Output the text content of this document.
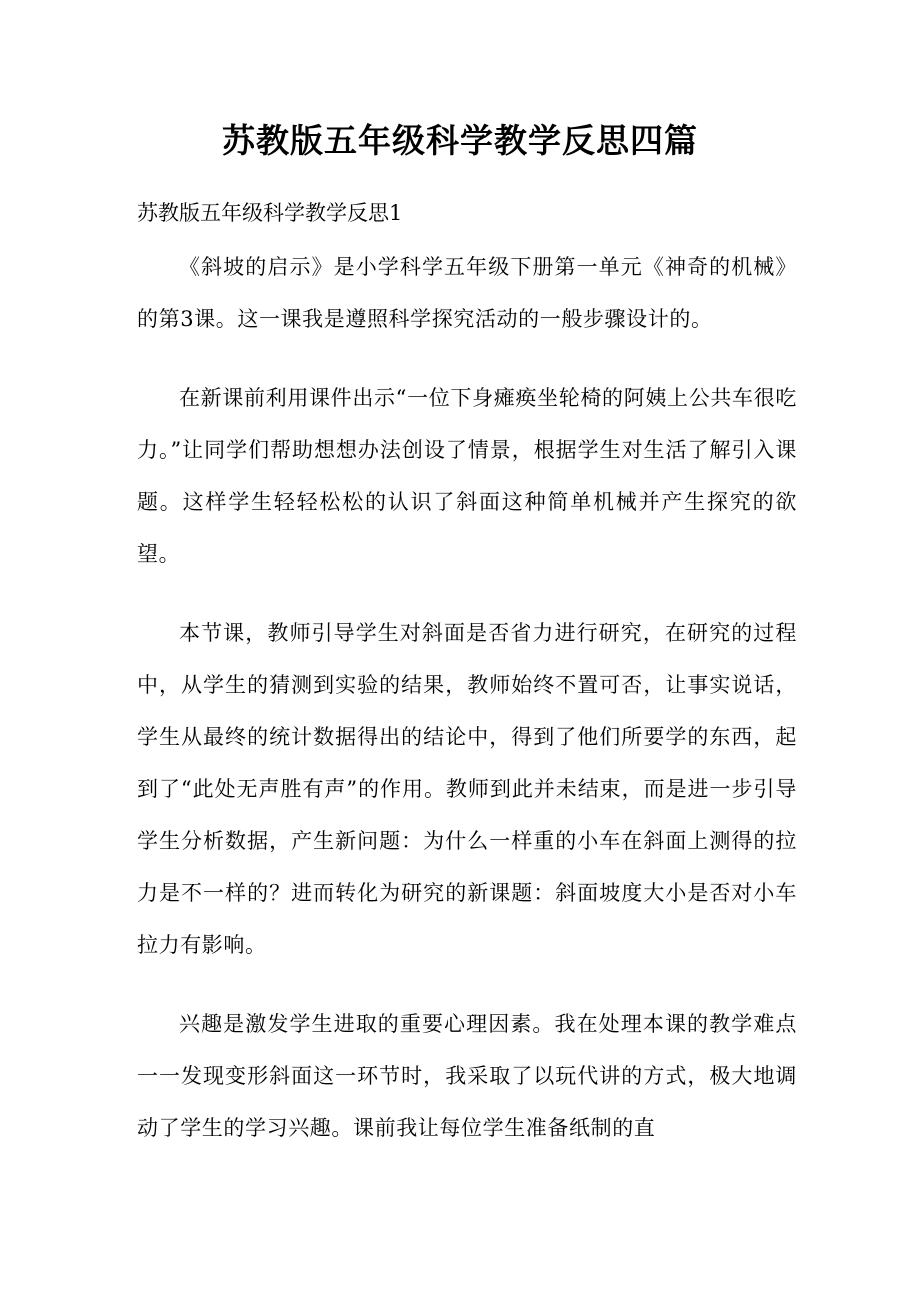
苏教版五年级科学教学反思四篇
苏教版五年级科学教学反思1

《斜坡的启示》是小学科学五年级下册第一单元《神奇的机械》的第3课。这一课我是遵照科学探究活动的一般步骤设计的。

在新课前利用课件出示“一位下身瘫痪坐轮椅的阿姨上公共车很吃力。”让同学们帮助想想办法创设了情景，根据学生对生活了解引入课题。这样学生轻轻松松的认识了斜面这种简单机械并产生探究的欲望。

本节课，教师引导学生对斜面是否省力进行研究，在研究的过程中，从学生的猜测到实验的结果，教师始终不置可否，让事实说话，学生从最终的统计数据得出的结论中，得到了他们所要学的东西，起到了“此处无声胜有声”的作用。教师到此并未结束，而是进一步引导学生分析数据，产生新问题：为什么一样重的小车在斜面上测得的拉力是不一样的？进而转化为研究的新课题：斜面坡度大小是否对小车拉力有影响。

兴趣是激发学生进取的重要心理因素。我在处理本课的教学难点一一发现变形斜面这一环节时，我采取了以玩代讲的方式，极大地调动了学生的学习兴趣。课前我让每位学生准备纸制的直
